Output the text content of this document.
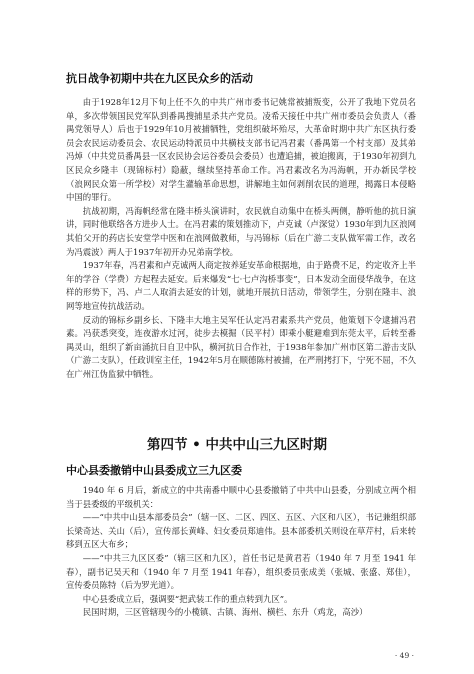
抗日战争初期中共在九区民众乡的活动

由于1928年12月下旬上任不久的中共广州市委书记姚常被捕叛变，公开了我地下党员名单，多次带领国民党军队到番禺搜捕星杀共产党员。凌希天接任中共广州市委员会负责人（番禺党领导人）后也于1929年10月被捕牺牲，党组织破坏殆尽，大革命时期中共广东区执行委员会农民运动委员会、农民运动特派员中共横枝支部书记冯君素（番禺第一个村支部）及其弟冯焯（中共党员番禺县一区农民协会运谷委员会委员）也遭追捕，被迫搬离，于1930年初到九区民众乡隆丰（现锦标村）隐蔽，继续坚持革命工作。冯君素改名为冯海帆，开办新民学校（浪网民众第一所学校）对学生灌输革命思想，讲解地主如何剥削农民的道理，揭露日本侵略中国的罪行。

抗战初期，冯海帆经常在隆丰桥头演讲时，农民就自动集中在桥头两侧，静听他的抗日演讲，同时他联络各方进步人士。在冯君素的策划推动下，卢克诚（卢深觉）1930年到九区浪网其伯父开的药店长安堂学中医和在浪网做教师，与冯锦标（后在广游二支队做军需工作，改名为冯震波）两人于1937年初开办兄弟南学校。

1937年春，冯君素和卢克诚两人商定按养延安革命根据地，由于路费不足，约定收齐上半年的学谷（学费）方起程去延安。后来爆发“七·七卢沟桥事变”，日本发动全面侵华战争，在这样的形势下，冯、卢二人取消去延安的计划，就地开展抗日活动，带领学生，分别在隆丰、浪网等地宣传抗战活动。

反动的锦标乡副乡长、下隆丰大地主吴军任认定冯君素系共产党员，他策划下令逮捕冯君素。冯获悉突变，连夜游水过河，徒步去模掘（民平村）即乘小艇避难到东莞太平，后转至番禺灵山，组织了新亩涌抗日自卫中队，横河抗日合作社，于1938年参加广州市区第二游击支队（广游二支队），任政训室主任，1942年5月在顺德陈村被捕，在严刑拷打下，宁死不屈，不久在广州江伪监狱中牺牲。

第四节 • 中共中山三九区时期
中心县委撤销中山县委成立三九区委

1940 年 6 月后，新成立的中共南番中顺中心县委撤销了中共中山县委，分别成立两个相当于县委级的平级机关：

——“中共中山县本部委员会”（辖一区、二区、四区、五区、六区和八区），书记兼组织部长梁奇达、关山（后），宣传部长黄峰、妇女委员郑迪伟。县本部委机关则设在草芹村，后来转移到五区大布乡；

——“中共三九区区委”（辖三区和九区），首任书记是黄君若（1940 年 7 月至 1941 年春），副书记吴天和（1940 年 7 月至 1941 年春），组织委员张成美（张城、张盛、郑佳），宣传委员陈特（后为罗光道）。

中心县委成立后，强调要“把武装工作的重点转到九区”。

民国时期，三区管辖现今的小榄镇、古镇、海州、横栏、东升（鸡龙，高沙）

· 49 ·
